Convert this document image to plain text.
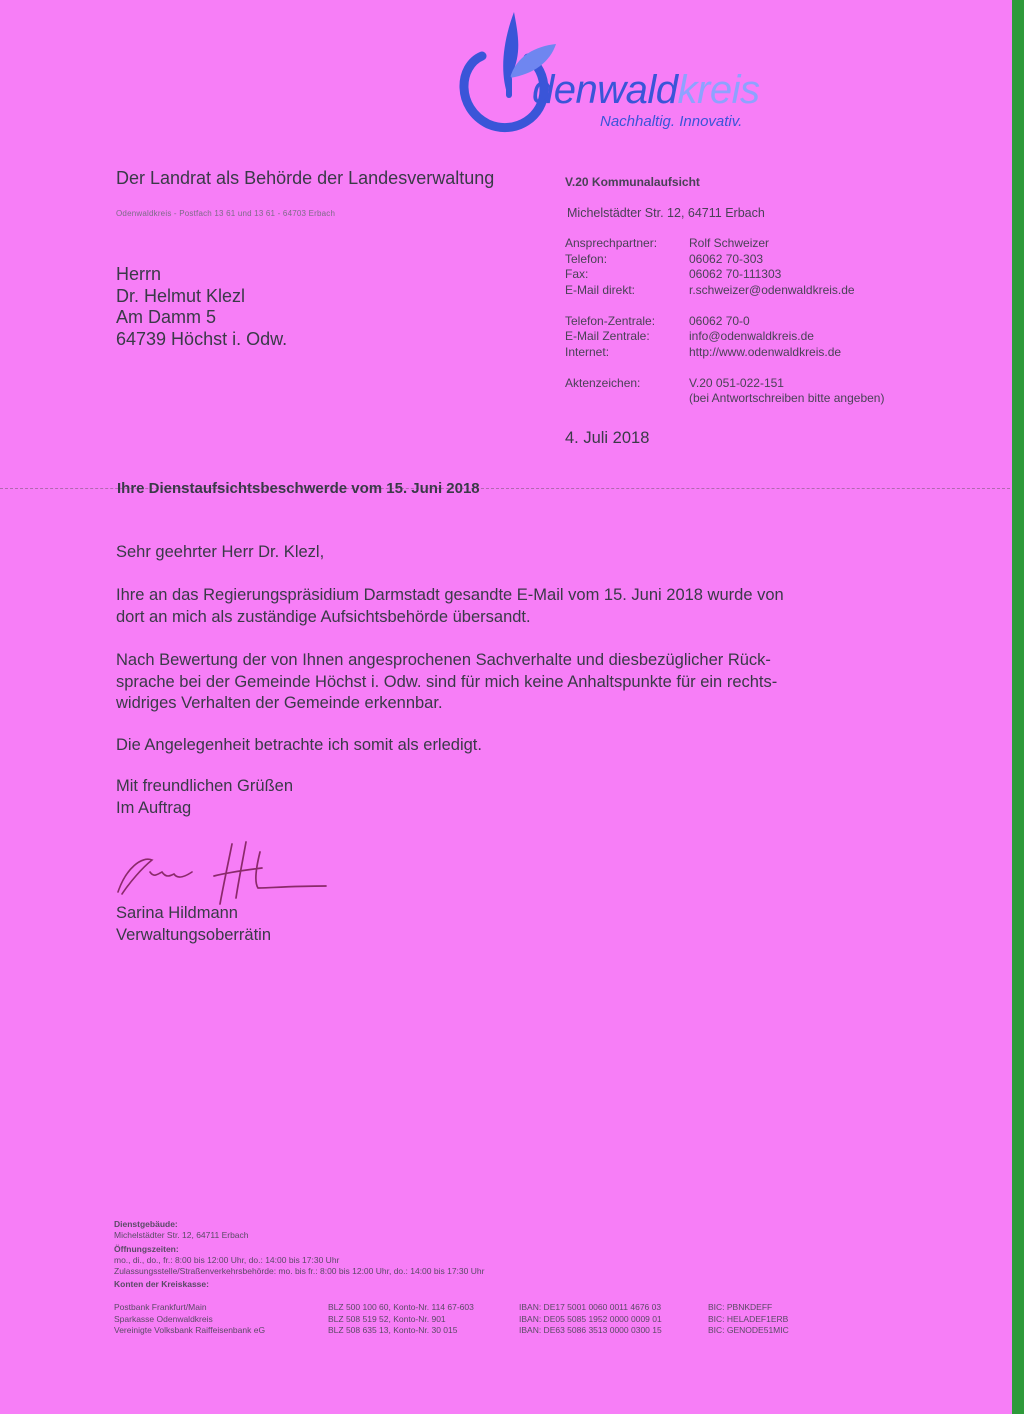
denwaldkreis
Nachhaltig. Innovativ.
Der Landrat als Behörde der Landesverwaltung
Odenwaldkreis - Postfach 13 61 und 13 61 - 64703 Erbach
Herrn
Dr. Helmut Klezl
Am Damm 5
64739 Höchst i. Odw.
V.20 Kommunalaufsicht
Michelstädter Str. 12, 64711 Erbach
Ansprechpartner:	Rolf Schweizer
Telefon:	06062 70-303
Fax:	06062 70-111303
E-Mail direkt:	r.schweizer@odenwaldkreis.de
Telefon-Zentrale:	06062 70-0
E-Mail Zentrale:	info@odenwaldkreis.de
Internet:	http://www.odenwaldkreis.de
Aktenzeichen:	V.20 051-022-151
(bei Antwortschreiben bitte angeben)
4. Juli 2018
Ihre Dienstaufsichtsbeschwerde vom 15. Juni 2018
Sehr geehrter Herr Dr. Klezl,
Ihre an das Regierungspräsidium Darmstadt gesandte E-Mail vom 15. Juni 2018 wurde von
dort an mich als zuständige Aufsichtsbehörde übersandt.
Nach Bewertung der von Ihnen angesprochenen Sachverhalte und diesbezüglicher Rück-
sprache bei der Gemeinde Höchst i. Odw. sind für mich keine Anhaltspunkte für ein rechts-
widriges Verhalten der Gemeinde erkennbar.
Die Angelegenheit betrachte ich somit als erledigt.
Mit freundlichen Grüßen
Im Auftrag
Sarina Hildmann
Verwaltungsoberrätin
Dienstgebäude:
Michelstädter Str. 12, 64711 Erbach
Öffnungszeiten:
mo., di., do., fr.: 8:00 bis 12:00 Uhr, do.: 14:00 bis 17:30 Uhr
Zulassungsstelle/Straßenverkehrsbehörde: mo. bis fr.: 8:00 bis 12:00 Uhr, do.: 14:00 bis 17:30 Uhr
Konten der Kreiskasse:
Postbank Frankfurt/Main	BLZ 500 100 60, Konto-Nr. 114 67-603	IBAN: DE17 5001 0060 0011 4676 03	BIC: PBNKDEFF
Sparkasse Odenwaldkreis	BLZ 508 519 52, Konto-Nr. 901	IBAN: DE05 5085 1952 0000 0009 01	BIC: HELADEF1ERB
Vereinigte Volksbank Raiffeisenbank eG	BLZ 508 635 13, Konto-Nr. 30 015	IBAN: DE63 5086 3513 0000 0300 15	BIC: GENODE51MIC
